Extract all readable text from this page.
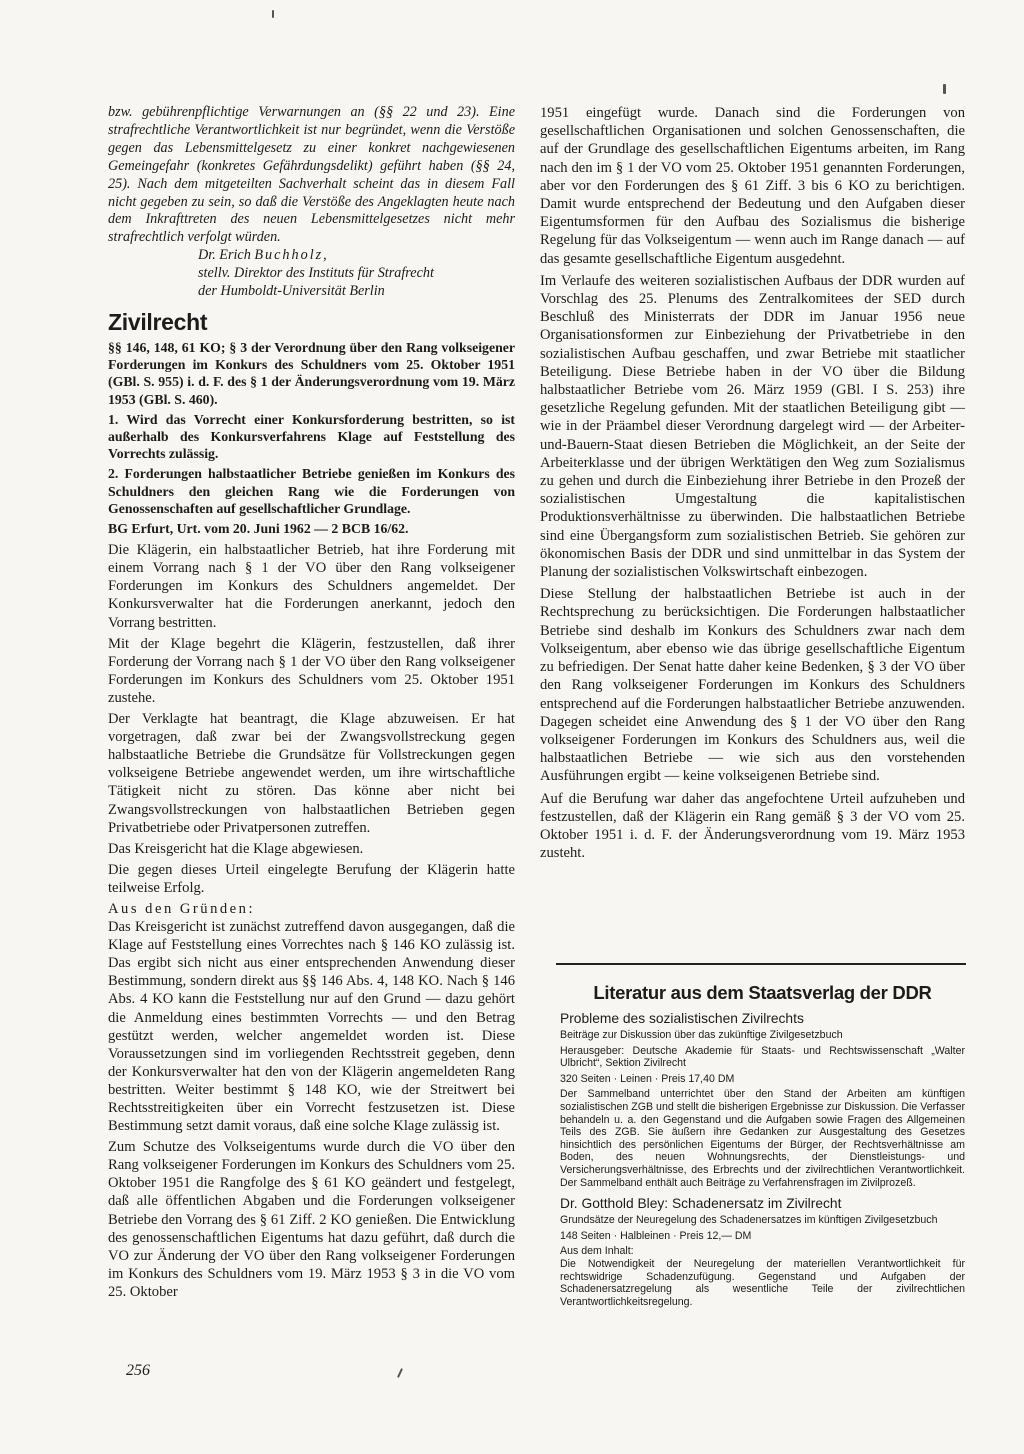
bzw. gebührenpflichtige Verwarnungen an (§§ 22 und 23). Eine strafrechtliche Verantwortlichkeit ist nur begründet, wenn die Verstöße gegen das Lebensmittelgesetz zu einer konkret nachgewiesenen Gemeingefahr (konkretes Gefährdungsdelikt) geführt haben (§§ 24, 25). Nach dem mitgeteilten Sachverhalt scheint das in diesem Fall nicht gegeben zu sein, so daß die Verstöße des Angeklagten heute nach dem Inkrafttreten des neuen Lebensmittelgesetzes nicht mehr strafrechtlich verfolgt würden.

Dr. Erich Buchholz,

stellv. Direktor des Instituts für Strafrecht

der Humboldt-Universität Berlin

Zivilrecht

§§ 146, 148, 61 KO; § 3 der Verordnung über den Rang volkseigener Forderungen im Konkurs des Schuldners vom 25. Oktober 1951 (GBl. S. 955) i. d. F. des § 1 der Änderungsverordnung vom 19. März 1953 (GBl. S. 460).

1. Wird das Vorrecht einer Konkursforderung bestritten, so ist außerhalb des Konkursverfahrens Klage auf Feststellung des Vorrechts zulässig.

2. Forderungen halbstaatlicher Betriebe genießen im Konkurs des Schuldners den gleichen Rang wie die Forderungen von Genossenschaften auf gesellschaftlicher Grundlage.

BG Erfurt, Urt. vom 20. Juni 1962 — 2 BCB 16/62.

Die Klägerin, ein halbstaatlicher Betrieb, hat ihre Forderung mit einem Vorrang nach § 1 der VO über den Rang volkseigener Forderungen im Konkurs des Schuldners angemeldet. Der Konkursverwalter hat die Forderungen anerkannt, jedoch den Vorrang bestritten.

Mit der Klage begehrt die Klägerin, festzustellen, daß ihrer Forderung der Vorrang nach § 1 der VO über den Rang volkseigener Forderungen im Konkurs des Schuldners vom 25. Oktober 1951 zustehe.

Der Verklagte hat beantragt, die Klage abzuweisen. Er hat vorgetragen, daß zwar bei der Zwangsvollstreckung gegen halbstaatliche Betriebe die Grundsätze für Vollstreckungen gegen volkseigene Betriebe angewendet werden, um ihre wirtschaftliche Tätigkeit nicht zu stören. Das könne aber nicht bei Zwangsvollstreckungen von halbstaatlichen Betrieben gegen Privatbetriebe oder Privatpersonen zutreffen.

Das Kreisgericht hat die Klage abgewiesen.

Die gegen dieses Urteil eingelegte Berufung der Klägerin hatte teilweise Erfolg.

Aus den Gründen:

Das Kreisgericht ist zunächst zutreffend davon ausgegangen, daß die Klage auf Feststellung eines Vorrechtes nach § 146 KO zulässig ist. Das ergibt sich nicht aus einer entsprechenden Anwendung dieser Bestimmung, sondern direkt aus §§ 146 Abs. 4, 148 KO. Nach § 146 Abs. 4 KO kann die Feststellung nur auf den Grund — dazu gehört die Anmeldung eines bestimmten Vorrechts — und den Betrag gestützt werden, welcher angemeldet worden ist. Diese Voraussetzungen sind im vorliegenden Rechtsstreit gegeben, denn der Konkursverwalter hat den von der Klägerin angemeldeten Rang bestritten. Weiter bestimmt § 148 KO, wie der Streitwert bei Rechtsstreitigkeiten über ein Vorrecht festzusetzen ist. Diese Bestimmung setzt damit voraus, daß eine solche Klage zulässig ist.

Zum Schutze des Volkseigentums wurde durch die VO über den Rang volkseigener Forderungen im Konkurs des Schuldners vom 25. Oktober 1951 die Rangfolge des § 61 KO geändert und festgelegt, daß alle öffentlichen Abgaben und die Forderungen volkseigener Betriebe den Vorrang des § 61 Ziff. 2 KO genießen. Die Entwicklung des genossenschaftlichen Eigentums hat dazu geführt, daß durch die VO zur Änderung der VO über den Rang volkseigener Forderungen im Konkurs des Schuldners vom 19. März 1953 § 3 in die VO vom 25. Oktober

1951 eingefügt wurde. Danach sind die Forderungen von gesellschaftlichen Organisationen und solchen Genossenschaften, die auf der Grundlage des gesellschaftlichen Eigentums arbeiten, im Rang nach den im § 1 der VO vom 25. Oktober 1951 genannten Forderungen, aber vor den Forderungen des § 61 Ziff. 3 bis 6 KO zu berichtigen. Damit wurde entsprechend der Bedeutung und den Aufgaben dieser Eigentumsformen für den Aufbau des Sozialismus die bisherige Regelung für das Volkseigentum — wenn auch im Range danach — auf das gesamte gesellschaftliche Eigentum ausgedehnt.

Im Verlaufe des weiteren sozialistischen Aufbaus der DDR wurden auf Vorschlag des 25. Plenums des Zentralkomitees der SED durch Beschluß des Ministerrats der DDR im Januar 1956 neue Organisationsformen zur Einbeziehung der Privatbetriebe in den sozialistischen Aufbau geschaffen, und zwar Betriebe mit staatlicher Beteiligung. Diese Betriebe haben in der VO über die Bildung halbstaatlicher Betriebe vom 26. März 1959 (GBl. I S. 253) ihre gesetzliche Regelung gefunden. Mit der staatlichen Beteiligung gibt — wie in der Präambel dieser Verordnung dargelegt wird — der Arbeiter-und-Bauern-Staat diesen Betrieben die Möglichkeit, an der Seite der Arbeiterklasse und der übrigen Werktätigen den Weg zum Sozialismus zu gehen und durch die Einbeziehung ihrer Betriebe in den Prozeß der sozialistischen Umgestaltung die kapitalistischen Produktionsverhältnisse zu überwinden. Die halbstaatlichen Betriebe sind eine Übergangsform zum sozialistischen Betrieb. Sie gehören zur ökonomischen Basis der DDR und sind unmittelbar in das System der Planung der sozialistischen Volkswirtschaft einbezogen.

Diese Stellung der halbstaatlichen Betriebe ist auch in der Rechtsprechung zu berücksichtigen. Die Forderungen halbstaatlicher Betriebe sind deshalb im Konkurs des Schuldners zwar nach dem Volkseigentum, aber ebenso wie das übrige gesellschaftliche Eigentum zu befriedigen. Der Senat hatte daher keine Bedenken, § 3 der VO über den Rang volkseigener Forderungen im Konkurs des Schuldners entsprechend auf die Forderungen halbstaatlicher Betriebe anzuwenden. Dagegen scheidet eine Anwendung des § 1 der VO über den Rang volkseigener Forderungen im Konkurs des Schuldners aus, weil die halbstaatlichen Betriebe — wie sich aus den vorstehenden Ausführungen ergibt — keine volkseigenen Betriebe sind.

Auf die Berufung war daher das angefochtene Urteil aufzuheben und festzustellen, daß der Klägerin ein Rang gemäß § 3 der VO vom 25. Oktober 1951 i. d. F. der Änderungsverordnung vom 19. März 1953 zusteht.

Literatur aus dem Staatsverlag der DDR
Probleme des sozialistischen Zivilrechts

Beiträge zur Diskussion über das zukünftige Zivilgesetzbuch

Herausgeber: Deutsche Akademie für Staats- und Rechtswissenschaft „Walter Ulbricht“, Sektion Zivilrecht

320 Seiten · Leinen · Preis 17,40 DM

Der Sammelband unterrichtet über den Stand der Arbeiten am künftigen sozialistischen ZGB und stellt die bisherigen Ergebnisse zur Diskussion. Die Verfasser behandeln u. a. den Gegenstand und die Aufgaben sowie Fragen des Allgemeinen Teils des ZGB. Sie äußern ihre Gedanken zur Ausgestaltung des Gesetzes hinsichtlich des persönlichen Eigentums der Bürger, der Rechtsverhältnisse am Boden, des neuen Wohnungsrechts, der Dienstleistungs- und Versicherungsverhältnisse, des Erbrechts und der zivilrechtlichen Verantwortlichkeit. Der Sammelband enthält auch Beiträge zu Verfahrensfragen im Zivilprozeß.

Dr. Gotthold Bley: Schadenersatz im Zivilrecht

Grundsätze der Neuregelung des Schadenersatzes im künftigen Zivilgesetzbuch

148 Seiten · Halbleinen · Preis 12,— DM

Aus dem Inhalt:

Die Notwendigkeit der Neuregelung der materiellen Verantwortlichkeit für rechtswidrige Schadenzufügung. Gegenstand und Aufgaben der Schadenersatzregelung als wesentliche Teile der zivilrechtlichen Verantwortlichkeitsregelung.

256
